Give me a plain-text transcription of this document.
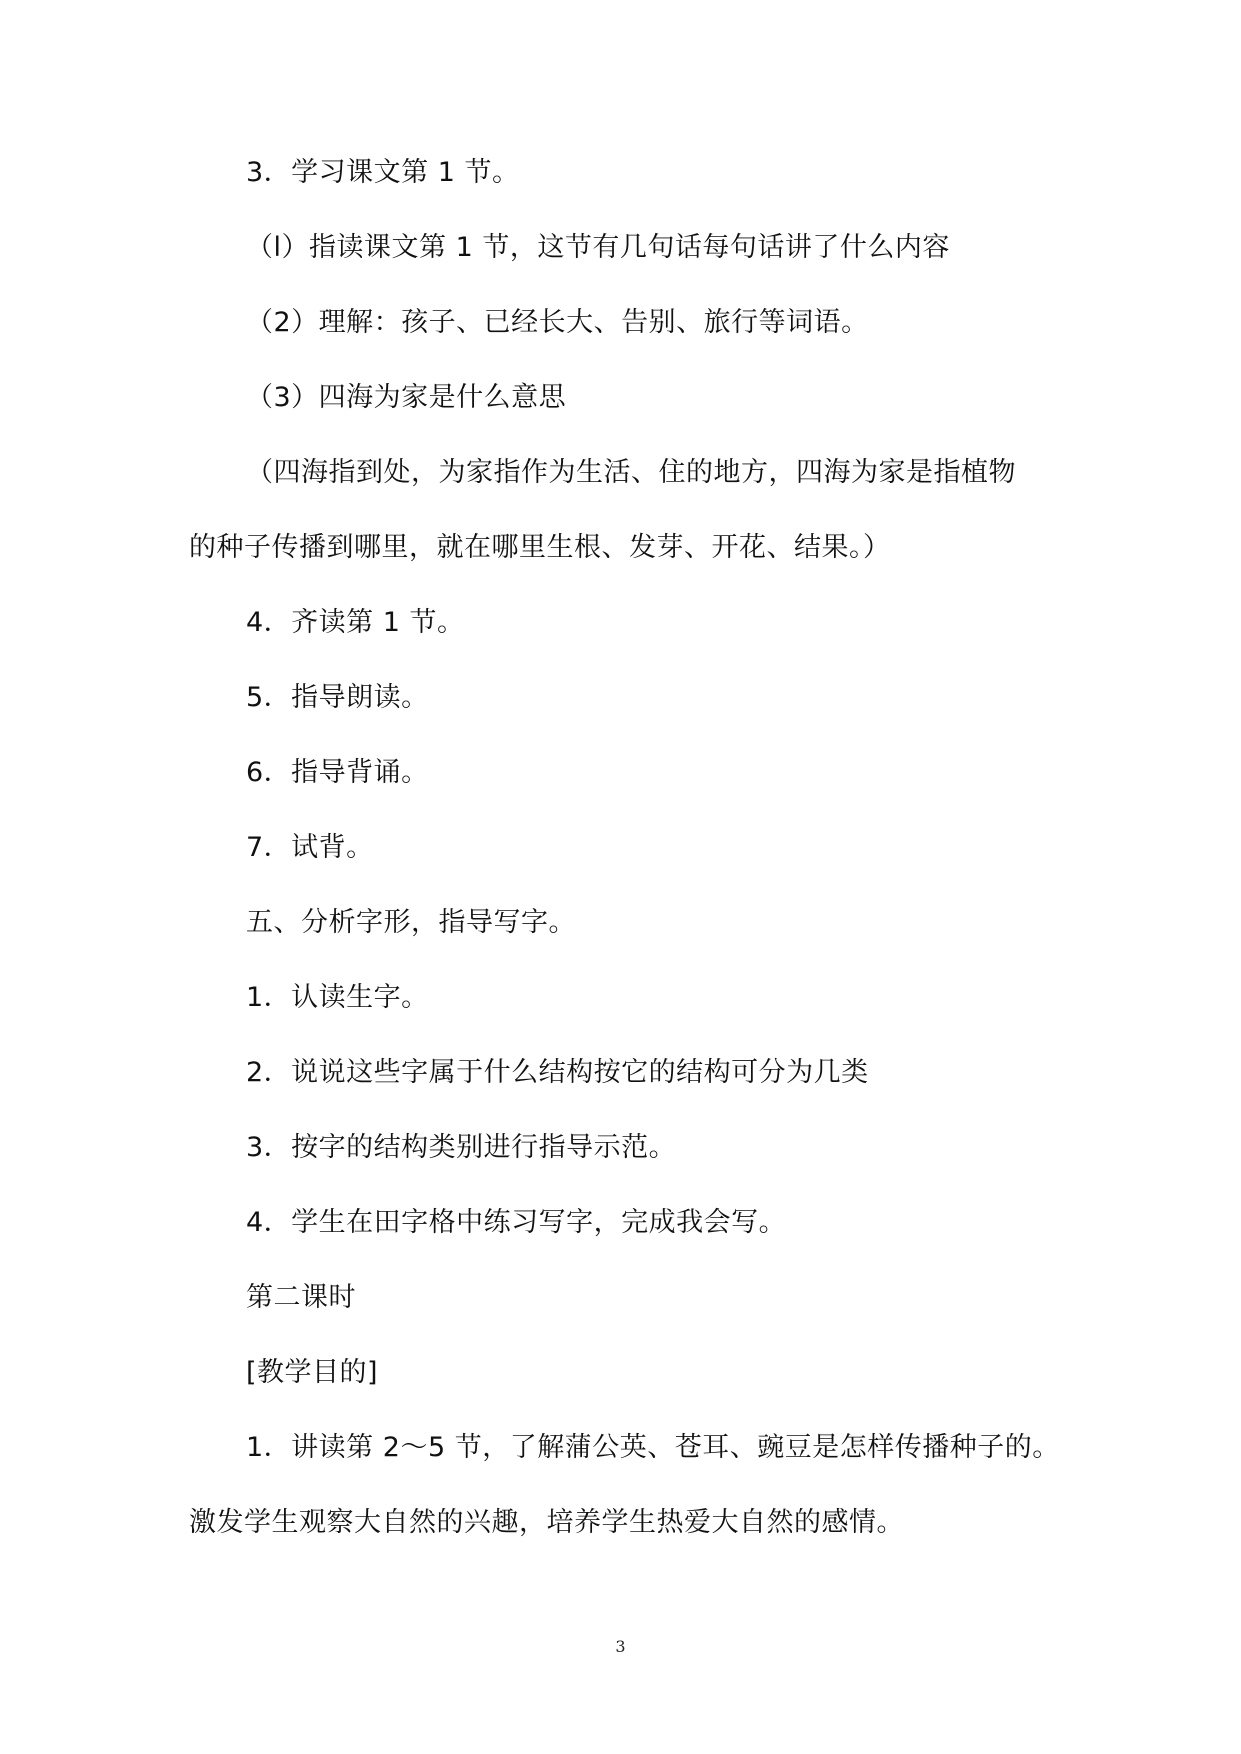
3．学习课文第 1 节。
（l）指读课文第 1 节，这节有几句话每句话讲了什么内容
（2）理解：孩子、已经长大、告别、旅行等词语。
（3）四海为家是什么意思
（四海指到处，为家指作为生活、住的地方，四海为家是指植物
的种子传播到哪里，就在哪里生根、发芽、开花、结果。）
4．齐读第 1 节。
5．指导朗读。
6．指导背诵。
7．试背。
五、分析字形，指导写字。
1．认读生字。
2．说说这些字属于什么结构按它的结构可分为几类
3．按字的结构类别进行指导示范。
4．学生在田字格中练习写字，完成我会写。
第二课时
[教学目的]
1．讲读第 2～5 节，了解蒲公英、苍耳、豌豆是怎样传播种子的。
激发学生观察大自然的兴趣，培养学生热爱大自然的感情。
3
